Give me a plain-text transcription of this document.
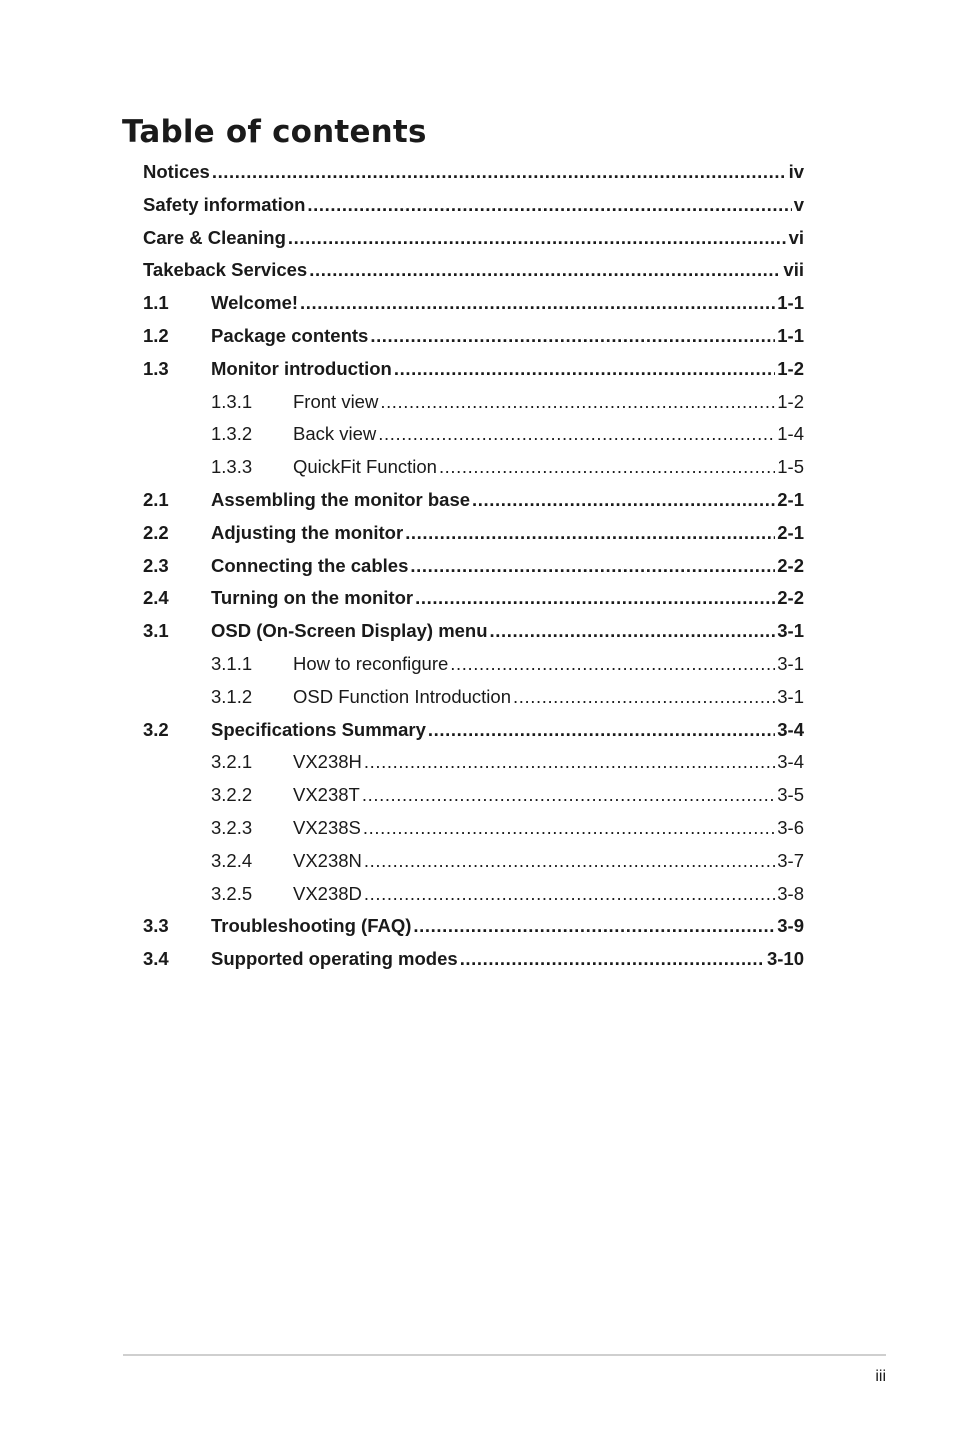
Table of contents
Notices .....	iv
Safety information .....	v
Care & Cleaning .....	vi
Takeback Services .....	vii
1.1	Welcome! .....	1-1
1.2	Package contents .....	1-1
1.3	Monitor introduction .....	1-2
1.3.1	Front view .....	1-2
1.3.2	Back view .....	1-4
1.3.3	QuickFit Function .....	1-5
2.1	Assembling the monitor base .....	2-1
2.2	Adjusting the monitor .....	2-1
2.3	Connecting the cables .....	2-2
2.4	Turning on the monitor .....	2-2
3.1	OSD (On-Screen Display) menu .....	3-1
3.1.1	How to reconfigure .....	3-1
3.1.2	OSD Function Introduction .....	3-1
3.2	Specifications Summary .....	3-4
3.2.1	VX238H .....	3-4
3.2.2	VX238T .....	3-5
3.2.3	VX238S .....	3-6
3.2.4	VX238N .....	3-7
3.2.5	VX238D .....	3-8
3.3	Troubleshooting (FAQ) .....	3-9
3.4	Supported operating modes .....	3-10
iii
